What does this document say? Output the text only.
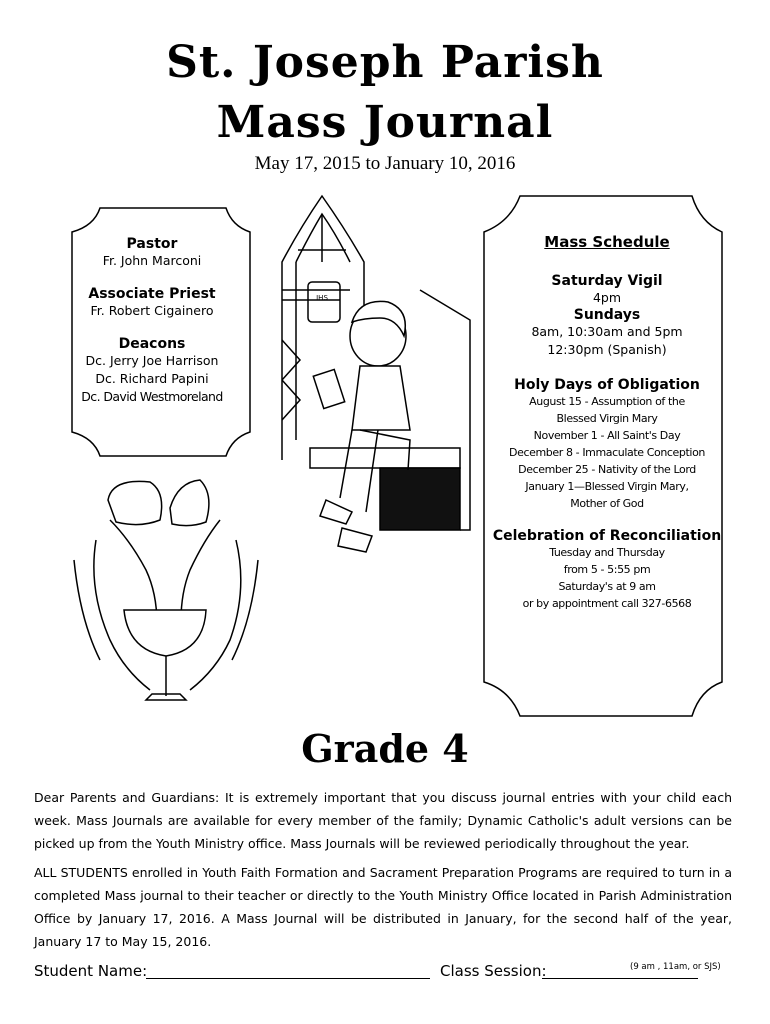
St. Joseph Parish
Mass Journal
May 17, 2015 to January 10, 2016
IHS
Pastor
Fr. John Marconi
Associate Priest
Fr. Robert Cigainero
Deacons
Dc. Jerry Joe Harrison
Dc. Richard Papini
Dc. David Westmoreland
Mass Schedule
Saturday Vigil
4pm
Sundays
8am, 10:30am and 5pm
12:30pm (Spanish)
Holy Days of Obligation
August 15 - Assumption of the
Blessed Virgin Mary
November 1 - All Saint's Day
December 8 - Immaculate Conception
December 25 - Nativity of the Lord
January 1—Blessed Virgin Mary,
Mother of God
Celebration of Reconciliation
Tuesday and Thursday
from 5 - 5:55 pm
Saturday's at 9 am
or by appointment call 327-6568
Grade 4
Dear Parents and Guardians: It is extremely important that you discuss journal entries with your child each week. Mass Journals are available for every member of the family; Dynamic Catholic's adult versions can be picked up from the Youth Ministry office. Mass Journals will be reviewed periodically throughout the year.
ALL STUDENTS enrolled in Youth Faith Formation and Sacrament Preparation Programs are required to turn in a completed Mass journal to their teacher or directly to the Youth Ministry Office located in Parish Administration Office by January 17, 2016. A Mass Journal will be distributed in January, for the second half of the year, January 17 to May 15, 2016.
Student Name:	Class Session:	(9 am , 11am, or SJS)
